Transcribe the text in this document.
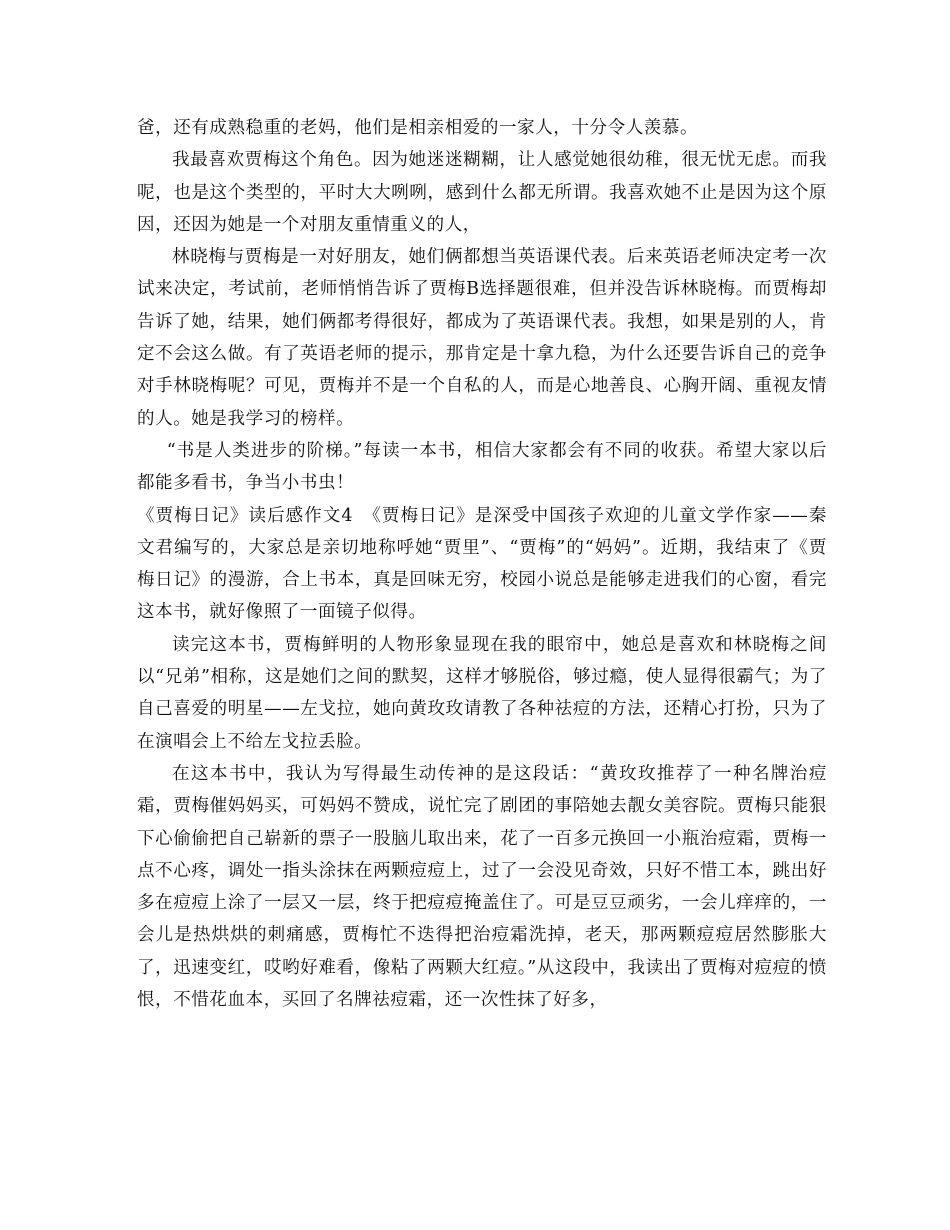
爸，还有成熟稳重的老妈，他们是相亲相爱的一家人，十分令人羡慕。

我最喜欢贾梅这个角色。因为她迷迷糊糊，让人感觉她很幼稚，很无忧无虑。而我呢，也是这个类型的，平时大大咧咧，感到什么都无所谓。我喜欢她不止是因为这个原因，还因为她是一个对朋友重情重义的人，

林晓梅与贾梅是一对好朋友，她们俩都想当英语课代表。后来英语老师决定考一次试来决定，考试前，老师悄悄告诉了贾梅B选择题很难，但并没告诉林晓梅。而贾梅却告诉了她，结果，她们俩都考得很好，都成为了英语课代表。我想，如果是别的人，肯定不会这么做。有了英语老师的提示，那肯定是十拿九稳，为什么还要告诉自己的竞争对手林晓梅呢？可见，贾梅并不是一个自私的人，而是心地善良、心胸开阔、重视友情的人。她是我学习的榜样。

“书是人类进步的阶梯。”每读一本书，相信大家都会有不同的收获。希望大家以后都能多看书，争当小书虫！

《贾梅日记》读后感作文4　《贾梅日记》是深受中国孩子欢迎的儿童文学作家——秦文君编写的，大家总是亲切地称呼她“贾里”、“贾梅”的“妈妈”。近期，我结束了《贾梅日记》的漫游，合上书本，真是回味无穷，校园小说总是能够走进我们的心窗，看完这本书，就好像照了一面镜子似得。

读完这本书，贾梅鲜明的人物形象显现在我的眼帘中，她总是喜欢和林晓梅之间以“兄弟”相称，这是她们之间的默契，这样才够脱俗，够过瘾，使人显得很霸气；为了自己喜爱的明星——左戈拉，她向黄玫玫请教了各种祛痘的方法，还精心打扮，只为了在演唱会上不给左戈拉丢脸。

在这本书中，我认为写得最生动传神的是这段话：“黄玫玫推荐了一种名牌治痘霜，贾梅催妈妈买，可妈妈不赞成，说忙完了剧团的事陪她去靓女美容院。贾梅只能狠下心偷偷把自己崭新的票子一股脑儿取出来，花了一百多元换回一小瓶治痘霜，贾梅一点不心疼，调处一指头涂抹在两颗痘痘上，过了一会没见奇效，只好不惜工本，跳出好多在痘痘上涂了一层又一层，终于把痘痘掩盖住了。可是豆豆顽劣，一会儿痒痒的，一会儿是热烘烘的刺痛感，贾梅忙不迭得把治痘霜洗掉，老天，那两颗痘痘居然膨胀大了，迅速变红，哎哟好难看，像粘了两颗大红痘。”从这段中，我读出了贾梅对痘痘的愤恨，不惜花血本，买回了名牌祛痘霜，还一次性抹了好多，
